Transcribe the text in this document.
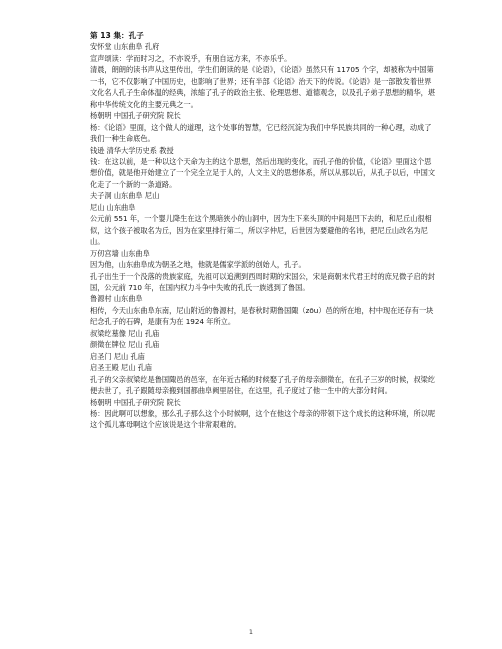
第 13 集：孔子

安怀堂 山东曲阜 孔府

宣声颂读：学而时习之，不亦说乎，有朋自远方来，不亦乐乎。

清晨，朗朗的读书声从这里传出，学生们朗读的是《论语》，《论语》虽然只有 11705 个字，却被称为中国第一书，它不仅影响了中国历史，也影响了世界；还有半部《论语》治天下的传说。《论语》是一部散发着世界文化名人孔子生命体温的经典，浓缩了孔子的政治主张、伦理思想、道德观念，以及孔子弟子思想的精华，堪称中华传统文化的主要元典之一。

杨朝明 中国孔子研究院 院长

杨：《论语》里面，这个做人的道理，这个处事的智慧，它已经沉淀为我们中华民族共同的一种心理，动成了我们一种生命底色。

钱逊 清华大学历史系 教授

钱：在这以前，是一种以这个天命为主的这个思想，然后出现的变化，而孔子他的价值，《论语》里面这个思想价值，就是他开始建立了一个完全立足于人的，人文主义的思想体系，所以从那以后，从孔子以后，中国文化走了一个新的一条道路。

夫子洞 山东曲阜 尼山

尼山 山东曲阜

公元前 551 年，一个婴儿降生在这个黑暗狭小的山洞中，因为生下来头顶的中间是凹下去的，和尼丘山很相似，这个孩子被取名为丘，因为在家里排行第二，所以字仲尼，后世因为要避他的名讳，把尼丘山改名为尼山。

万仞宫墙 山东曲阜

因为他，山东曲阜成为朝圣之地，他就是儒家学派的创始人，孔子。

孔子出生于一个没落的贵族家庭，先祖可以追溯到西周时期的宋国公，宋是商朝末代君王纣的庶兄微子启的封国，公元前 710 年，在国内权力斗争中失败的孔氏一族逃到了鲁国。

鲁源村 山东曲阜

相传，今天山东曲阜东南，尼山附近的鲁源村，是春秋时期鲁国陬（zōu）邑的所在地，村中现在还存有一块纪念孔子的石碑，是康有为在 1924 年所立。

叔梁纥墓像 尼山 孔庙

颜徵在牌位 尼山 孔庙

启圣门 尼山 孔庙

启圣王殿 尼山 孔庙

孔子的父亲叔梁纥是鲁国陬邑的邑宰，在年近古稀的时候娶了孔子的母亲颜徵在，在孔子三岁的时候，叔梁纥便去世了，孔子跟随母亲搬到国都曲阜阙里居住，在这里，孔子度过了他一生中的大部分时间。

杨朝明 中国孔子研究院 院长

杨：因此啊可以想象，那么孔子那么这个小时候啊，这个在他这个母亲的带领下这个成长的这种环境，所以呢这个孤儿寡母啊这个应该说是这个非常艰难的。

1
